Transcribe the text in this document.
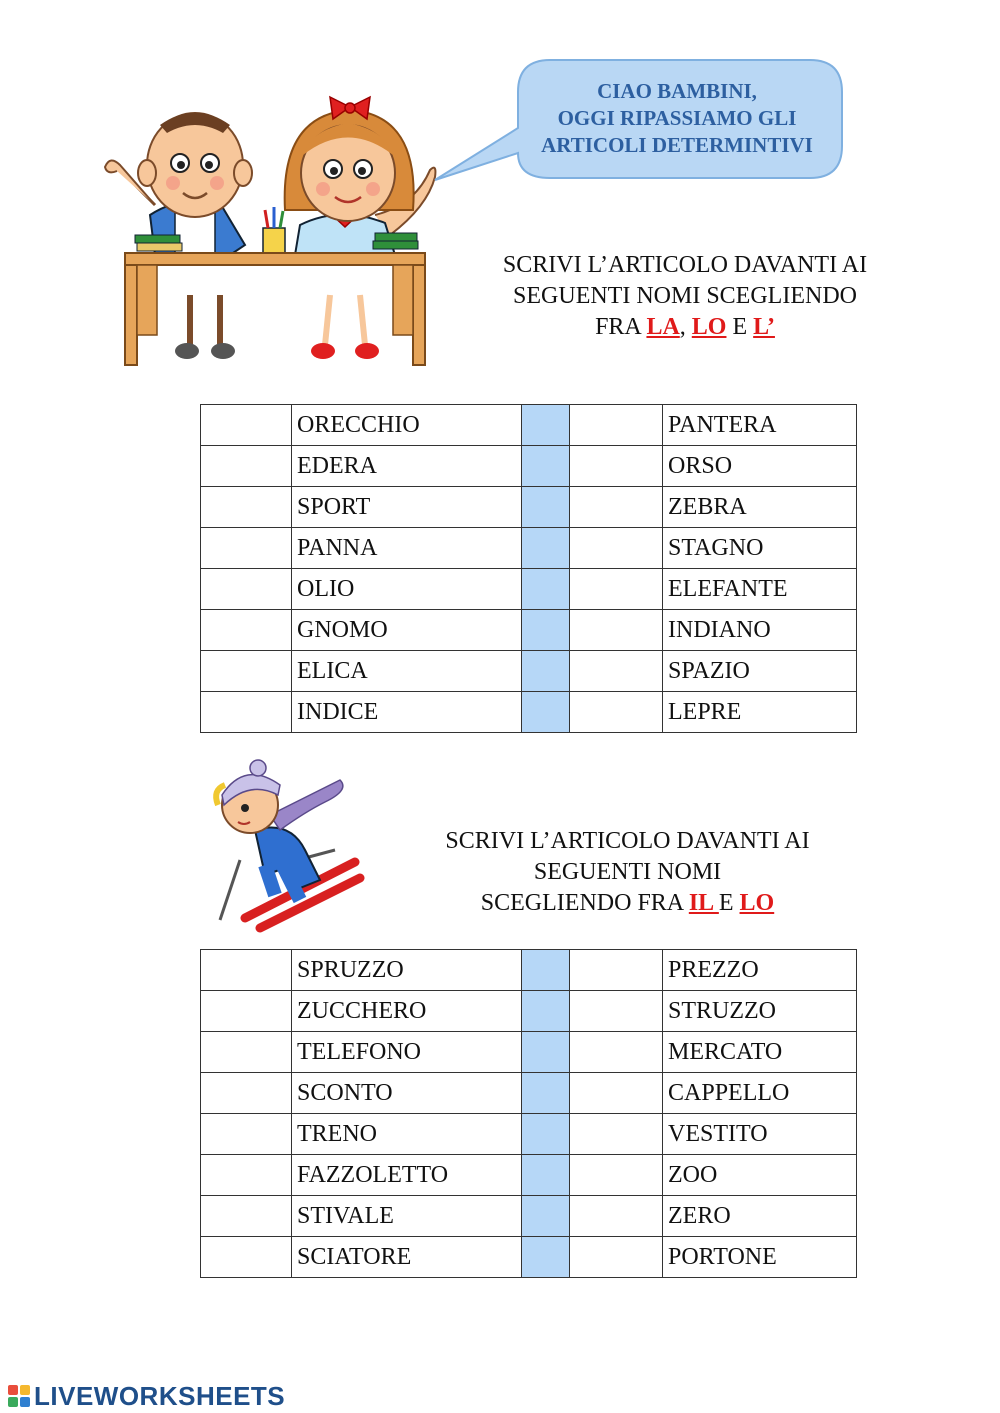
CIAO BAMBINI,
OGGI RIPASSIAMO GLI
ARTICOLI DETERMINTIVI
SCRIVI L’ARTICOLO DAVANTI AI
SEGUENTI NOMI SCEGLIENDO
FRA LA, LO E L’
	ORECCHIO			PANTERA
	EDERA			ORSO
	SPORT			ZEBRA
	PANNA			STAGNO
	OLIO			ELEFANTE
	GNOMO			INDIANO
	ELICA			SPAZIO
	INDICE			LEPRE
SCRIVI L’ARTICOLO DAVANTI AI
SEGUENTI NOMI
SCEGLIENDO FRA IL E LO
	SPRUZZO			PREZZO
	ZUCCHERO			STRUZZO
	TELEFONO			MERCATO
	SCONTO			CAPPELLO
	TRENO			VESTITO
	FAZZOLETTO			ZOO
	STIVALE			ZERO
	SCIATORE			PORTONE
LIVEWORKSHEETS
